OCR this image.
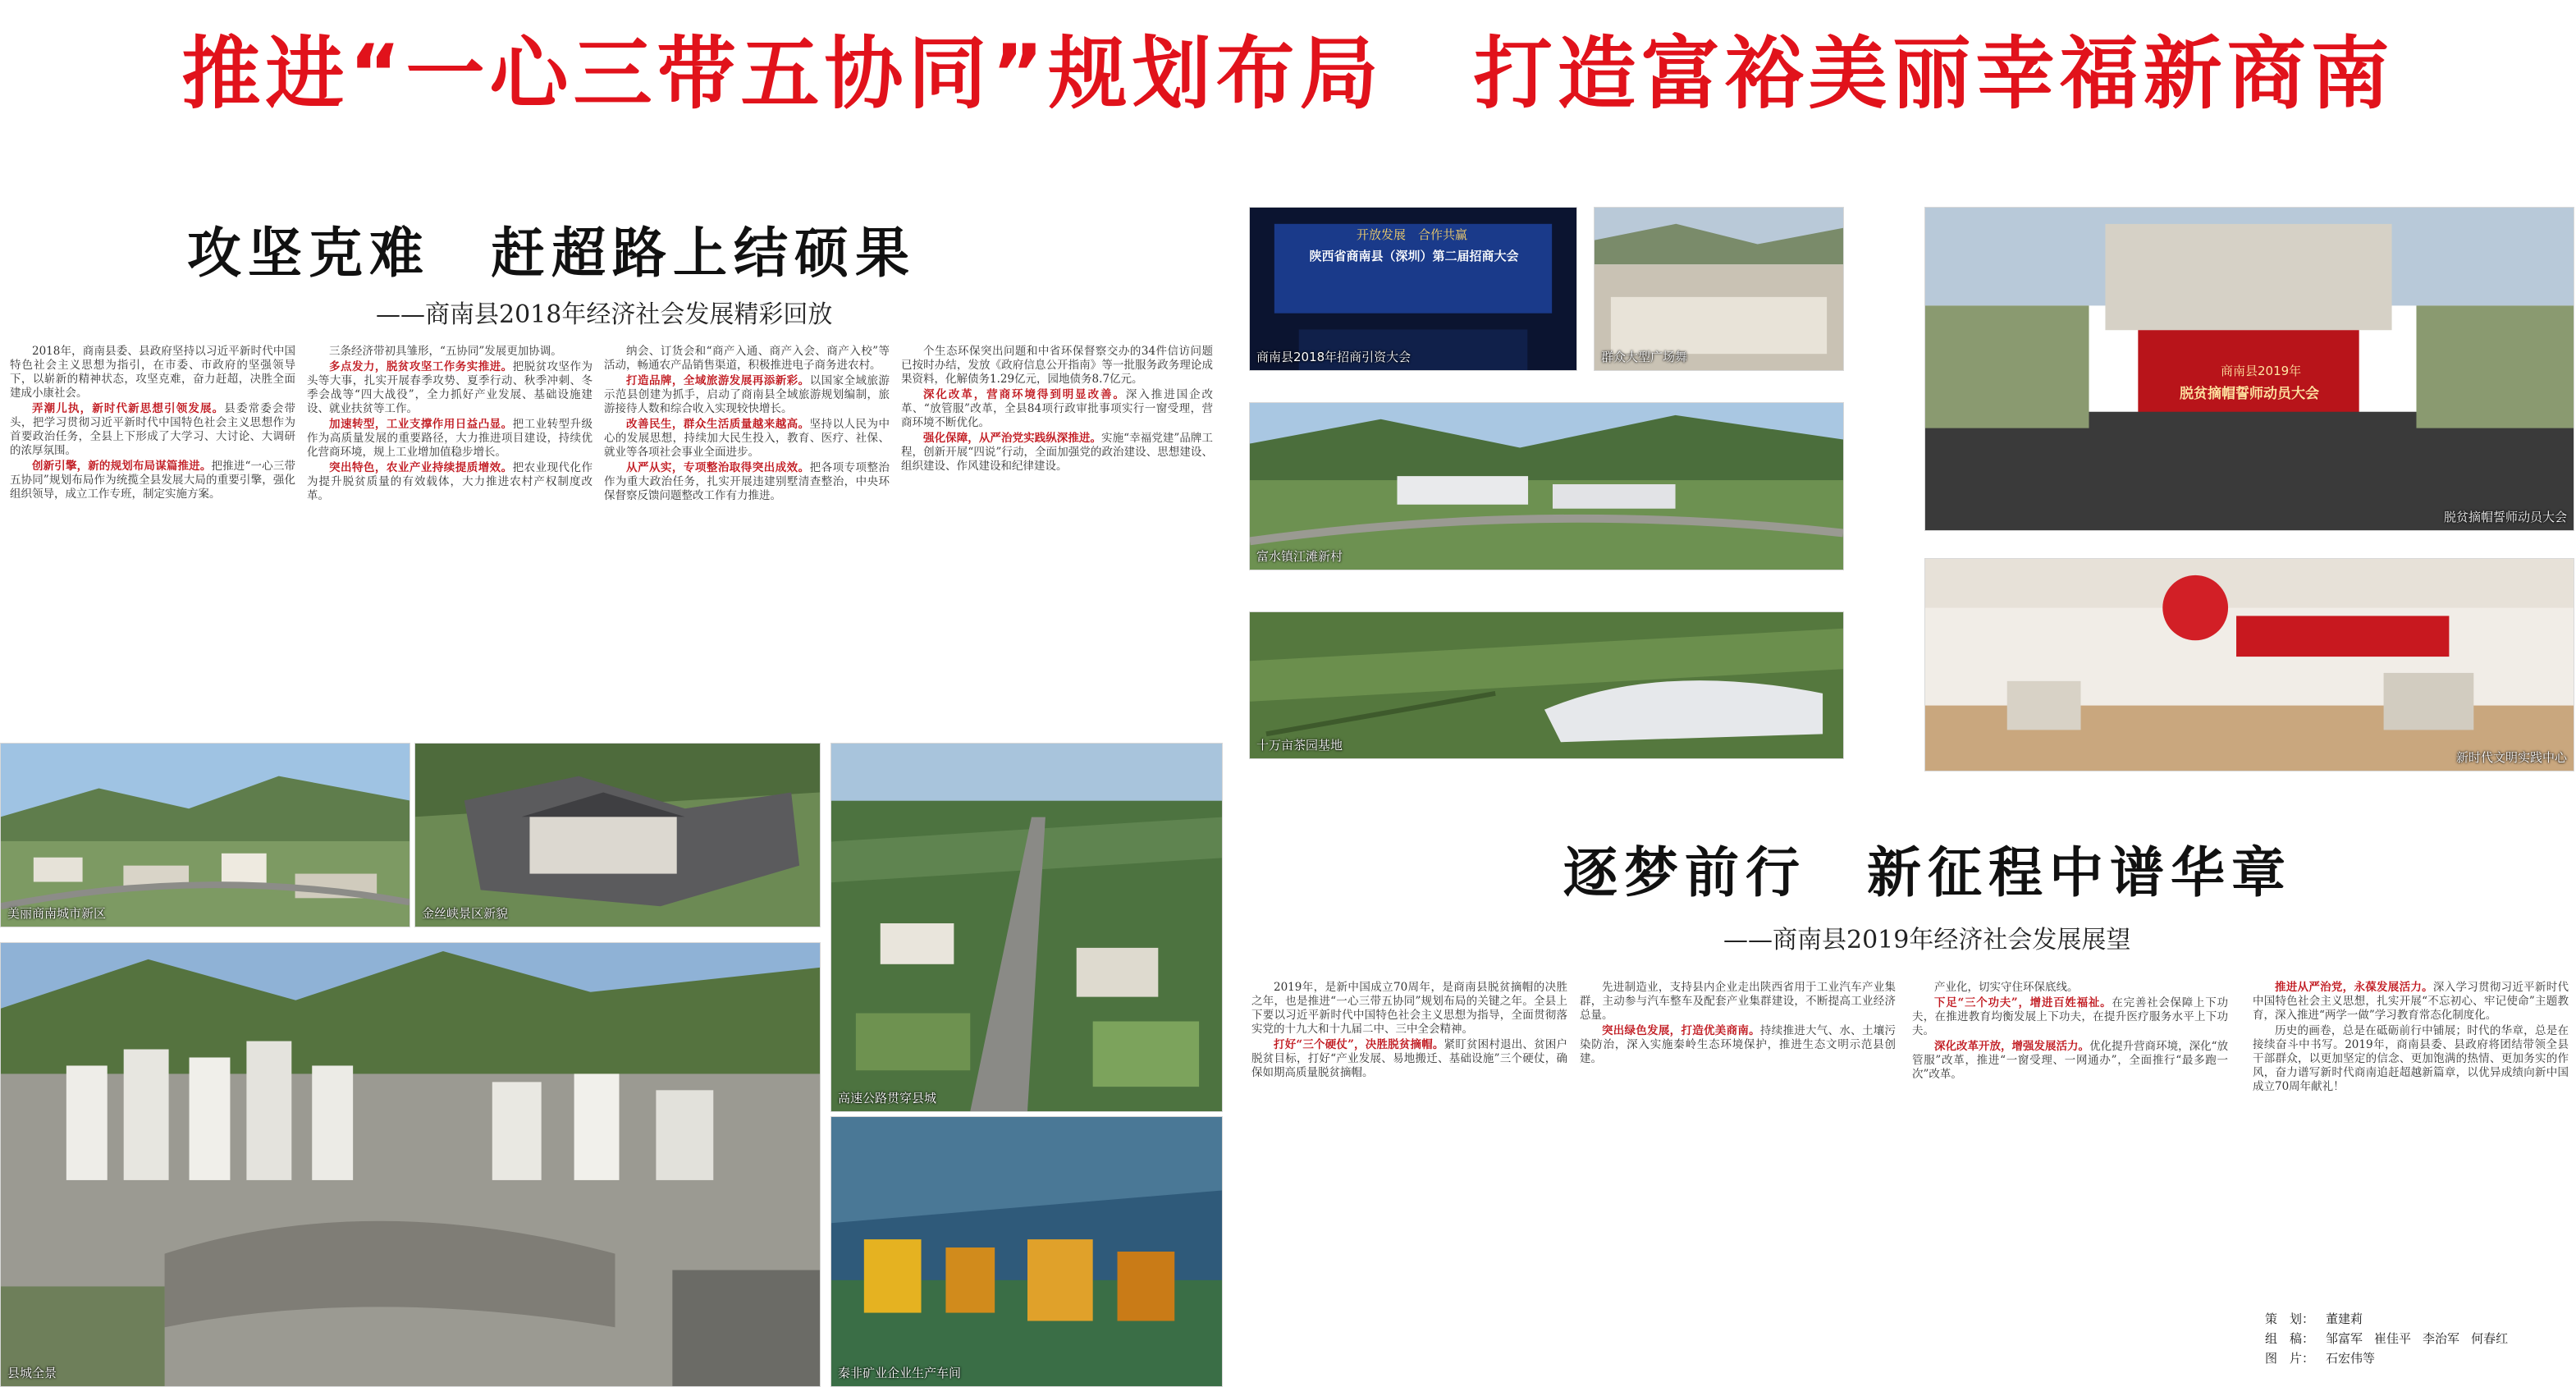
推进“一心三带五协同”规划布局 打造富裕美丽幸福新商南
攻坚克难　赶超路上结硕果
——商南县2018年经济社会发展精彩回放

2018年，商南县委、县政府坚持以习近平新时代中国特色社会主义思想为指引，在市委、市政府的坚强领导下，以崭新的精神状态，攻坚克难，奋力赶超，决胜全面建成小康社会。

弄潮儿执，新时代新思想引领发展。县委常委会带头，把学习贯彻习近平新时代中国特色社会主义思想作为首要政治任务，全县上下形成了大学习、大讨论、大调研的浓厚氛围。

创新引擎，新的规划布局谋篇推进。把推进“一心三带五协同”规划布局作为统揽全县发展大局的重要引擎，强化组织领导，成立工作专班，制定实施方案。

三条经济带初具雏形，“五协同”发展更加协调。

多点发力，脱贫攻坚工作务实推进。把脱贫攻坚作为头等大事，扎实开展春季攻势、夏季行动、秋季冲刺、冬季会战等“四大战役”，全力抓好产业发展、基础设施建设、就业扶贫等工作。

加速转型，工业支撑作用日益凸显。把工业转型升级作为高质量发展的重要路径，大力推进项目建设，持续优化营商环境，规上工业增加值稳步增长。

突出特色，农业产业持续提质增效。把农业现代化作为提升脱贫质量的有效载体，大力推进农村产权制度改革。

纳会、订货会和“商产入通、商产入会、商产入校”等活动，畅通农产品销售渠道，积极推进电子商务进农村。

打造品牌，全域旅游发展再添新彩。以国家全域旅游示范县创建为抓手，启动了商南县全域旅游规划编制，旅游接待人数和综合收入实现较快增长。

改善民生，群众生活质量越来越高。坚持以人民为中心的发展思想，持续加大民生投入，教育、医疗、社保、就业等各项社会事业全面进步。

从严从实，专项整治取得突出成效。把各项专项整治作为重大政治任务，扎实开展违建别墅清查整治，中央环保督察反馈问题整改工作有力推进。

个生态环保突出问题和中省环保督察交办的34件信访问题已按时办结，发放《政府信息公开指南》等一批服务政务理论成果资料，化解债务1.29亿元，园地债务8.7亿元。

深化改革，营商环境得到明显改善。深入推进国企改革、“放管服”改革，全县84项行政审批事项实行一窗受理，营商环境不断优化。

强化保障，从严治党实践纵深推进。实施“幸福党建”品牌工程，创新开展“四说”行动，全面加强党的政治建设、思想建设、组织建设、作风建设和纪律建设。

美丽商南城市新区	金丝峡景区新貌
高速公路贯穿县城
县城全景	秦非矿业企业生产车间
开放发展　合作共赢
陕西省商南县（深圳）第二届招商大会
商南县2018年招商引资大会	群众大型广场舞
富水镇江滩新村
十万亩茶园基地
商南县2019年
脱贫摘帽誓师动员大会
脱贫摘帽誓师动员大会
新时代文明实践中心
逐梦前行　新征程中谱华章
——商南县2019年经济社会发展展望

2019年，是新中国成立70周年，是商南县脱贫摘帽的决胜之年，也是推进“一心三带五协同”规划布局的关键之年。全县上下要以习近平新时代中国特色社会主义思想为指导，全面贯彻落实党的十九大和十九届二中、三中全会精神。

打好“三个硬仗”，决胜脱贫摘帽。紧盯贫困村退出、贫困户脱贫目标，打好“产业发展、易地搬迁、基础设施”三个硬仗，确保如期高质量脱贫摘帽。

先进制造业，支持县内企业走出陕西省用于工业汽车产业集群，主动参与汽车整车及配套产业集群建设，不断提高工业经济总量。

突出绿色发展，打造优美商南。持续推进大气、水、土壤污染防治，深入实施秦岭生态环境保护，推进生态文明示范县创建。

产业化，切实守住环保底线。

下足“三个功夫”，增进百姓福祉。在完善社会保障上下功夫，在推进教育均衡发展上下功夫，在提升医疗服务水平上下功夫。

深化改革开放，增强发展活力。优化提升营商环境，深化“放管服”改革，推进“一窗受理、一网通办”，全面推行“最多跑一次”改革。

推进从严治党，永葆发展活力。深入学习贯彻习近平新时代中国特色社会主义思想，扎实开展“不忘初心、牢记使命”主题教育，深入推进“两学一做”学习教育常态化制度化。

历史的画卷，总是在砥砺前行中铺展；时代的华章，总是在接续奋斗中书写。2019年，商南县委、县政府将团结带领全县干部群众，以更加坚定的信念、更加饱满的热情、更加务实的作风，奋力谱写新时代商南追赶超越新篇章，以优异成绩向新中国成立70周年献礼！

策　划： 董建莉
组　稿： 邹富军 崔佳平 李治军 何春红
图　片： 石宏伟等
